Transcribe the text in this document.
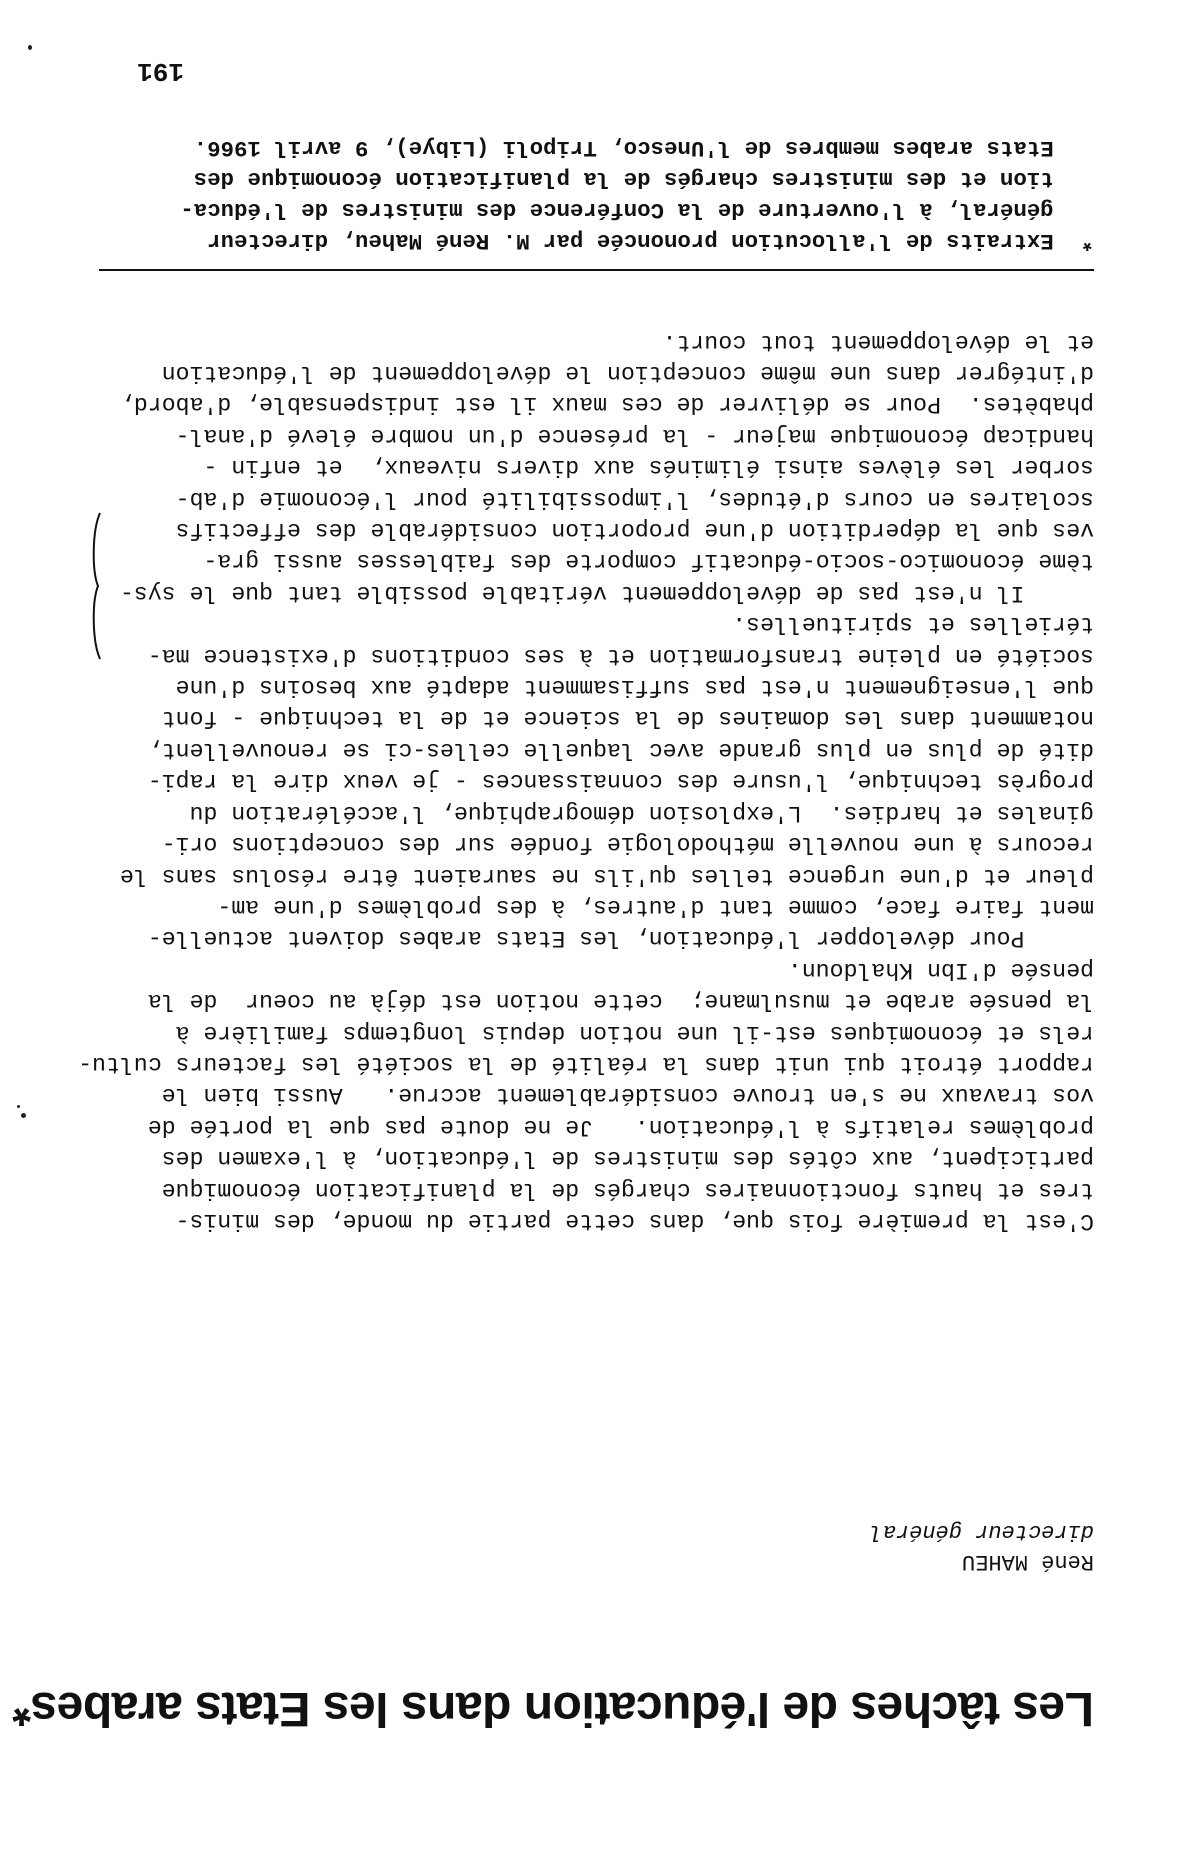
Les tâches de l'éducation dans les Etats arabes*
René MAHEU
directeur général
C'est la première fois que, dans cette partie du monde, des minis-
tres et hauts fonctionnaires chargés de la planification économique
participent, aux côtés des ministres de l'éducation, à l'examen des
problèmes relatifs à l'éducation.   Je ne doute pas que la portée de
vos travaux ne s'en trouve considérablement accrue.   Aussi bien le
rapport étroit qui unit dans la réalité de la société les facteurs cultu-
rels et économiques est-il une notion depuis longtemps familière à
la pensée arabe et musulmane;  cette notion est déjà au coeur  de la
pensée d'Ibn Khaldoun.
Pour développer l'éducation, les Etats arabes doivent actuelle-
ment faire face, comme tant d'autres, à des problèmes d'une am-
pleur et d'une urgence telles qu'ils ne sauraient être résolus sans le
recours à une nouvelle méthodologie fondée sur des conceptions ori-
ginales et hardies.  L'explosion démographique, l'accélération du
progrès technique, l'usure des connaissances - je veux dire la rapi-
dité de plus en plus grande avec laquelle celles-ci se renouvellent,
notamment dans les domaines de la science et de la technique - font
que l'enseignement n'est pas suffisamment adapté aux besoins d'une
société en pleine transformation et à ses conditions d'existence ma-
térielles et spirituelles.
Il n'est pas de développement véritable possible tant que le sys-
tème économico-socio-éducatif comporte des faiblesses aussi gra-
ves que la déperdition d'une proportion considérable des effectifs
scolaires en cours d'études, l'impossibilité pour l'économie d'ab-
sorber les élèves ainsi éliminés aux divers niveaux,  et enfin -
handicap économique majeur - la présence d'un nombre élevé d'anal-
phabètes.  Pour se délivrer de ces maux il est indispensable, d'abord,
d'intégrer dans une même conception le développement de l'éducation
et le développement tout court.
*  Extraits de l'allocution prononcée par M. René Maheu, directeur
général, à l'ouverture de la Conférence des ministres de l'éduca-
tion et des ministres chargés de la planification économique des
Etats arabes membres de l'Unesco, Tripoli (Libye), 9 avril 1966.
191
